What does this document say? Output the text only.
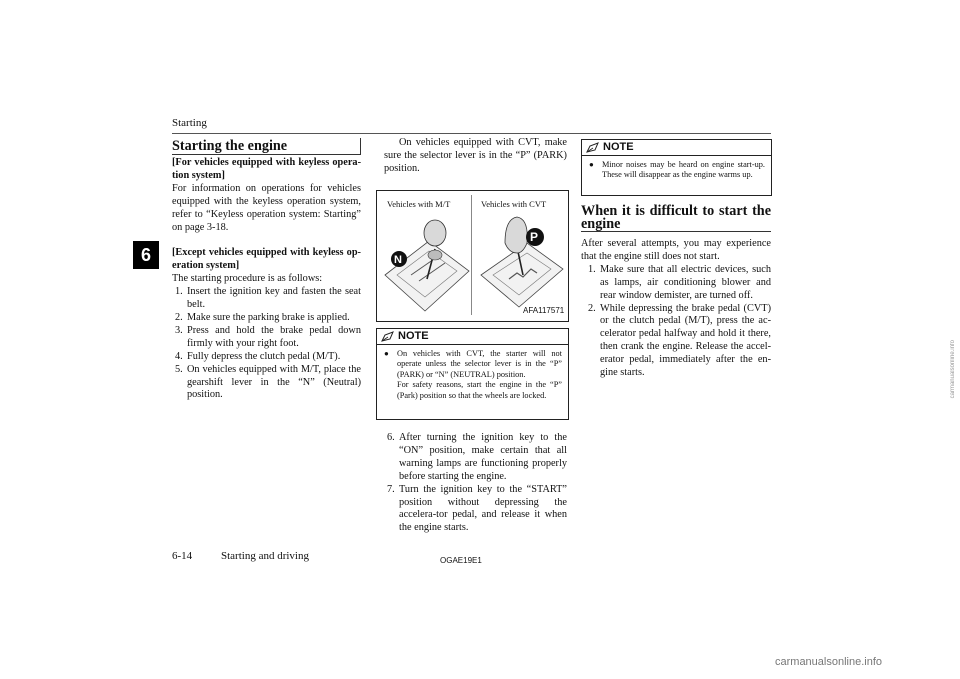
Starting
6
Starting the engine

[For vehicles equipped with keyless opera-tion system]

For information on operations for vehicles equipped with the keyless operation system, refer to “Keyless operation system: Starting” on page 3-18.

[Except vehicles equipped with keyless op-eration system]

The starting procedure is as follows:

1. Insert the ignition key and fasten the seat belt.
2. Make sure the parking brake is applied.
3. Press and hold the brake pedal down firmly with your right foot.
4. Fully depress the clutch pedal (M/T).
5. On vehicles equipped with M/T, place the gearshift lever in the “N” (Neutral) position.
On vehicles equipped with CVT, make sure the selector lever is in the “P” (PARK) position.
Vehicles with M/T	Vehicles with CVT
N
P
AFA117571
NOTE
● On vehicles with CVT, the starter will not operate unless the selector lever is in the “P” (PARK) or “N” (NEUTRAL) position.
For safety reasons, start the engine in the “P” (Park) position so that the wheels are locked.
6. After turning the ignition key to the “ON” position, make certain that all warning lamps are functioning properly before starting the engine.
7. Turn the ignition key to the “START” position without depressing the accelera-tor pedal, and release it when the engine starts.
NOTE
● Minor noises may be heard on engine start-up. These will disappear as the engine warms up.
When it is difficult to start the engine

After several attempts, you may experience that the engine still does not start.

1. Make sure that all electric devices, such as lamps, air conditioning blower and rear window demister, are turned off.
2. While depressing the brake pedal (CVT) or the clutch pedal (M/T), press the ac-celerator pedal halfway and hold it there, then crank the engine. Release the accel-erator pedal, immediately after the en-gine starts.
6-14	Starting and driving	OGAE19E1
carmanualsonline.info
carmanualsonline.info
